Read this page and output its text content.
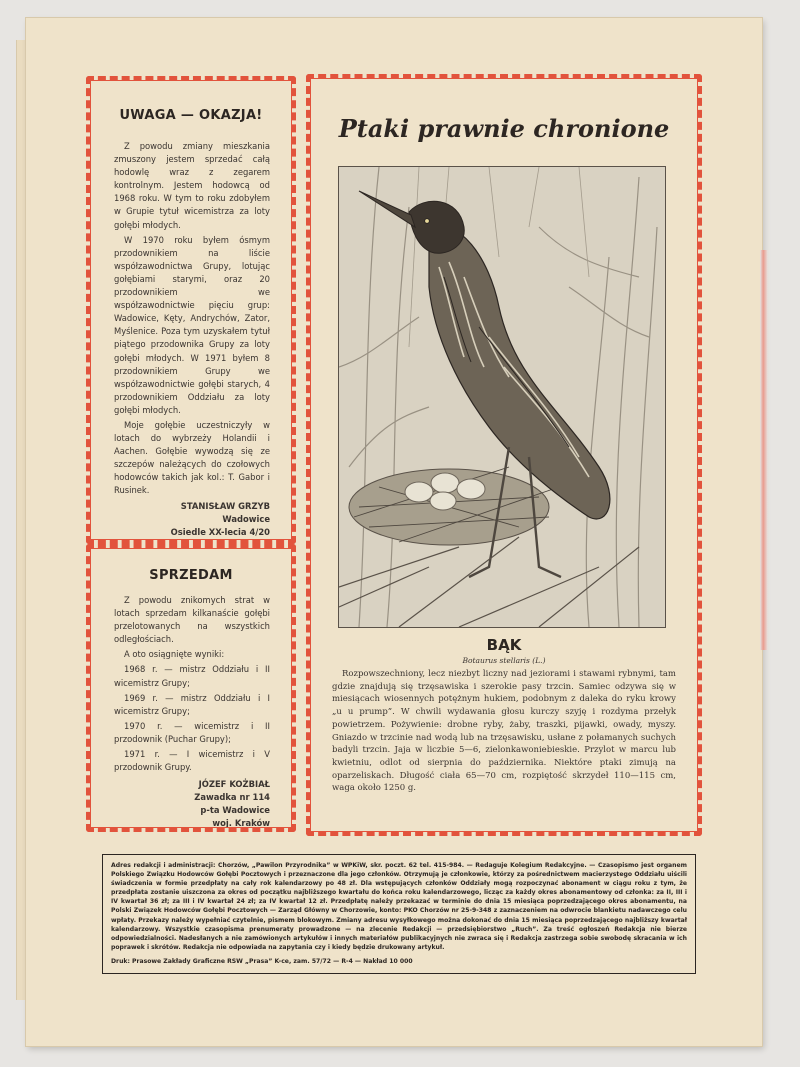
UWAGA — OKAZJA!

Z powodu zmiany mieszkania zmuszony jestem sprzedać całą hodowlę wraz z zegarem kontrolnym. Jestem hodowcą od 1968 roku. W tym to roku zdobyłem w Grupie tytuł wicemistrza za loty gołębi młodych.

W 1970 roku byłem ósmym przodownikiem na liście współzawodnictwa Grupy, lotując gołębiami starymi, oraz 20 przodownikiem we współzawodnictwie pięciu grup: Wadowice, Kęty, Andrychów, Zator, Myślenice. Poza tym uzyskałem tytuł piątego przodownika Grupy za loty gołębi młodych. W 1971 byłem 8 przodownikiem Grupy we współzawodnictwie gołębi starych, 4 przodownikiem Oddziału za loty gołębi młodych.

Moje gołębie uczestniczyły w lotach do wybrzeży Holandii i Aachen. Gołębie wywodzą się ze szczepów należących do czołowych hodowców takich jak kol.: T. Gabor i Rusinek.

STANISŁAW GRZYB
Wadowice
Osiedle XX-lecia 4/20
SPRZEDAM

Z powodu znikomych strat w lotach sprzedam kilkanaście gołębi przelotowanych na wszystkich odległościach.

A oto osiągnięte wyniki:

1968 r. — mistrz Oddziału i II wicemistrz Grupy;

1969 r. — mistrz Oddziału i I wicemistrz Grupy;

1970 r. — wicemistrz i II przodownik (Puchar Grupy);

1971 r. — I wicemistrz i V przodownik Grupy.

JÓZEF KOŻBIAŁ
Zawadka nr 114
p-ta Wadowice
woj. Kraków
Ptaki prawnie chronione
BĄK
Botaurus stellaris (L.)

Rozpowszechniony, lecz niezbyt liczny nad jeziorami i stawami rybnymi, tam gdzie znajdują się trzęsawiska i szerokie pasy trzcin. Samiec odzywa się w miesiącach wiosennych potężnym hukiem, podobnym z daleka do ryku krowy „u u prump”. W chwili wydawania głosu kurczy szyję i rozdyma przełyk powietrzem. Pożywienie: drobne ryby, żaby, traszki, pijawki, owady, myszy. Gniazdo w trzcinie nad wodą lub na trzęsawisku, usłane z połamanych suchych badyli trzcin. Jaja w liczbie 5—6, zielonkawoniebieskie. Przylot w marcu lub kwietniu, odlot od sierpnia do października. Niektóre ptaki zimują na oparzeliskach. Długość ciała 65—70 cm, rozpiętość skrzydeł 110—115 cm, waga około 1250 g.

Adres redakcji i administracji: Chorzów, „Pawilon Przyrodnika” w WPKiW, skr. poczt. 62 tel. 415-984. — Redaguje Kolegium Redakcyjne. — Czasopismo jest organem Polskiego Związku Hodowców Gołębi Pocztowych i przeznaczone dla jego członków. Otrzymują je członkowie, którzy za pośrednictwem macierzystego Oddziału uiścili świadczenia w formie przedpłaty na cały rok kalendarzowy po 48 zł. Dla wstępujących członków Oddziały mogą rozpoczynać abonament w ciągu roku z tym, że przedpłata zostanie uiszczona za okres od początku najbliższego kwartału do końca roku kalendarzowego, licząc za każdy okres abonamentowy od członka: za II, III i IV kwartał 36 zł; za III i IV kwartał 24 zł; za IV kwartał 12 zł. Przedpłatę należy przekazać w terminie do dnia 15 miesiąca poprzedzającego okres abonamentu, na Polski Związek Hodowców Gołębi Pocztowych — Zarząd Główny w Chorzowie, konto: PKO Chorzów nr 25-9-348 z zaznaczeniem na odwrocie blankietu nadawczego celu wpłaty. Przekazy należy wypełniać czytelnie, pismem blokowym. Zmiany adresu wysyłkowego można dokonać do dnia 15 miesiąca poprzedzającego najbliższy kwartał kalendarzowy. Wszystkie czasopisma prenumeraty prowadzone — na zlecenie Redakcji — przedsiębiorstwo „Ruch”. Za treść ogłoszeń Redakcja nie bierze odpowiedzialności. Nadesłanych a nie zamówionych artykułów i innych materiałów publikacyjnych nie zwraca się i Redakcja zastrzega sobie swobodę skracania w ich poprawek i skrótów. Redakcja nie odpowiada na zapytania czy i kiedy będzie drukowany artykuł.
Druk: Prasowe Zakłady Graficzne RSW „Prasa” K-ce, zam. 57/72 — R-4 — Nakład 10 000
